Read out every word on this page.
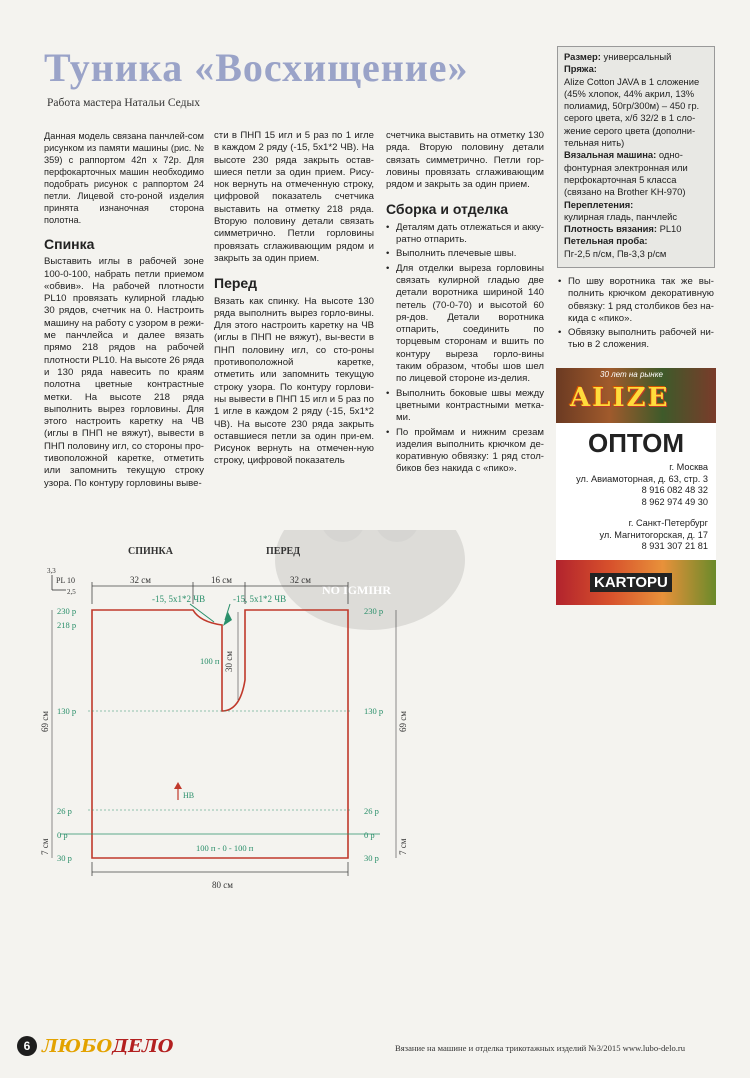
Туника «Восхищение»
Работа мастера Натальи Седых

Данная модель связана панчлей-сом рисунком из памяти машины (рис. № 359) с раппортом 42п х 72р. Для перфокарточных машин необходимо подобрать рисунок с раппортом 24 петли. Лицевой сто-роной изделия принята изнаночная сторона полотна.

Спинка

Выставить иглы в рабочей зоне 100-0-100, набрать петли приемом «обвив». На рабочей плотности PL10 провязать кулирной гладью 30 рядов, счетчик на 0. Настроить машину на работу с узором в режи-ме панчлейса и далее вязать прямо 218 рядов на рабочей плотности PL10. На высоте 26 ряда и 130 ряда навесить по краям полотна цветные контрастные метки. На высоте 218 ряда выполнить вырез горловины. Для этого настроить каретку на ЧВ (иглы в ПНП не вяжут), вывести в ПНП половину игл, со стороны про-тивоположной каретке, отметить или запомнить текущую строку узора. По контуру горловины выве-

сти в ПНП 15 игл и 5 раз по 1 игле в каждом 2 ряду (-15, 5х1*2 ЧВ). На высоте 230 ряда закрыть остав-шиеся петли за один прием. Рису-нок вернуть на отмеченную строку, цифровой показатель счетчика выставить на отметку 218 ряда. Вторую половину детали связать симметрично. Петли горловины провязать сглаживающим рядом и закрыть за один прием.

Перед

Вязать как спинку. На высоте 130 ряда выполнить вырез горло-вины. Для этого настроить каретку на ЧВ (иглы в ПНП не вяжут), вы-вести в ПНП половину игл, со сто-роны противоположной каретке, отметить или запомнить текущую строку узора. По контуру горлови-ны вывести в ПНП 15 игл и 5 раз по 1 игле в каждом 2 ряду (-15, 5х1*2 ЧВ). На высоте 230 ряда закрыть оставшиеся петли за один при-ем. Рисунок вернуть на отмечен-ную строку, цифровой показатель

счетчика выставить на отметку 130 ряда. Вторую половину детали связать симметрично. Петли гор-ловины провязать сглаживающим рядом и закрыть за один прием.

Сборка и отделка
• Деталям дать отлежаться и акку-ратно отпарить.
• Выполнить плечевые швы.
• Для отделки выреза горловины связать кулирной гладью две детали воротника шириной 140 петель (70-0-70) и высотой 60 ря-дов. Детали воротника отпарить, соединить по торцевым сторонам и вшить по контуру выреза горло-вины таким образом, чтобы шов шел по лицевой стороне из-делия.
• Выполнить боковые швы между цветными контрастными метка-ми.
• По проймам и нижним срезам изделия выполнить крючком де-коративную обвязку: 1 ряд стол-биков без накида с «пико».
Размер: универсальный
Пряжа:
Alize Cotton JAVA в 1 сложение (45% хлопок, 44% акрил, 13% полиамид, 50гр/300м) – 450 гр. серого цвета, х/б 32/2 в 1 сло-жение серого цвета (дополни-тельная нить)
Вязальная машина: одно-фонтурная электронная или перфокарточная 5 класса (связано на Brother KH-970)
Переплетения:
кулирная гладь, панчлейс
Плотность вязания: PL10
Петельная проба:
Пг-2,5 п/см, Пв-3,3 р/см
• По шву воротника так же вы-полнить крючком декоративную обвязку: 1 ряд столбиков без на-кида с «пико».
• Обвязку выполнить рабочей ни-тью в 2 сложения.
30 лет на рынке
ALIZE
ОПТОМ
г. Москва
ул. Авиамоторная, д. 63, стр. 3
8 916 082 48 32
8 962 974 49 30
г. Санкт-Петербург
ул. Магнитогорская, д. 17
8 931 307 21 81
KARTOPU
NO IGMIHR
3,3
PL 10
2,5
СПИНКА	ПЕРЕД
32 см	16 см	32 см
-15, 5х1*2 ЧВ	-15, 5х1*2 ЧВ
30 см
100 п
69 см
7 см
230 р
218 р
130 р
26 р
0 р
30 р
69 см
7 см
230 р
130 р
26 р
0 р
30 р
НВ
100 п - 0 - 100 п
80 см
6 ЛЮБОДЕЛО	Вязание на машине и отделка трикотажных изделий №3/2015 www.lubo-delo.ru
